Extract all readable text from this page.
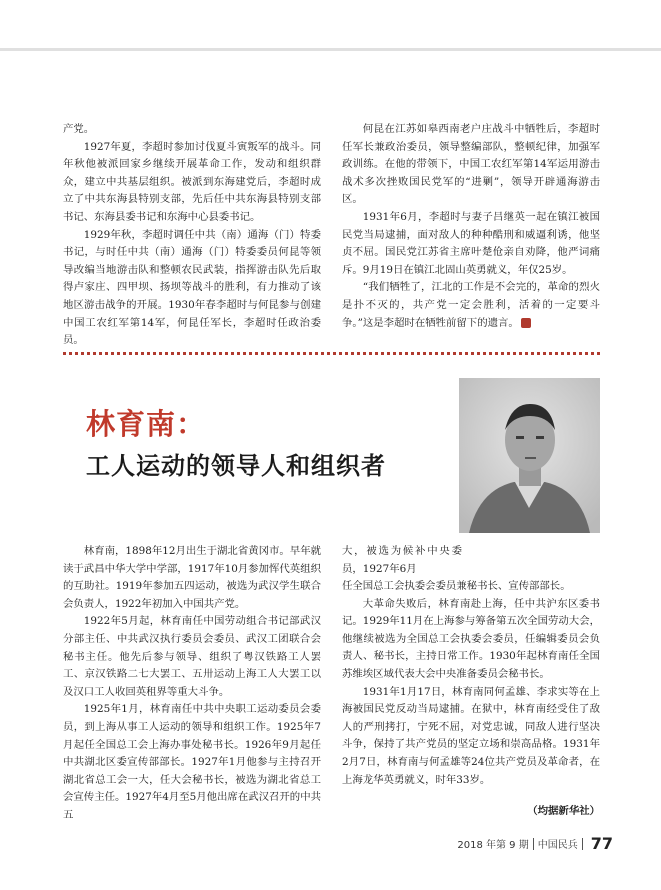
产党。

1927年夏，李超时参加讨伐夏斗寅叛军的战斗。同年秋他被派回家乡继续开展革命工作，发动和组织群众，建立中共基层组织。被派到东海建党后，李超时成立了中共东海县特别支部，先后任中共东海县特别支部书记、东海县委书记和东海中心县委书记。

1929年秋，李超时调任中共（南）通海（门）特委书记，与时任中共（南）通海（门）特委委员何昆等领导改编当地游击队和整顿农民武装，指挥游击队先后取得卢家庄、四甲坝、扬坝等战斗的胜利，有力推动了该地区游击战争的开展。1930年春李超时与何昆参与创建中国工农红军第14军，何昆任军长，李超时任政治委员。

何昆在江苏如皋西南老户庄战斗中牺牲后，李超时任军长兼政治委员，领导整编部队，整顿纪律，加强军政训练。在他的带领下，中国工农红军第14军运用游击战术多次挫败国民党军的“进剿”，领导开辟通海游击区。

1931年6月，李超时与妻子吕继英一起在镇江被国民党当局逮捕，面对敌人的种种酷刑和威逼利诱，他坚贞不屈。国民党江苏省主席叶楚伧亲自劝降，他严词痛斥。9月19日在镇江北固山英勇就义，年仅25岁。

“我们牺牲了，江北的工作是不会完的，革命的烈火是扑不灭的，共产党一定会胜利，活着的一定要斗争。”这是李超时在牺牲前留下的遗言。	◆

林育南：
工人运动的领导人和组织者

林育南，1898年12月出生于湖北省黄冈市。早年就读于武昌中华大学中学部，1917年10月参加恽代英组织的互助社。1919年参加五四运动，被选为武汉学生联合会负责人，1922年初加入中国共产党。

1922年5月起，林育南任中国劳动组合书记部武汉分部主任、中共武汉执行委员会委员、武汉工团联合会秘书主任。他先后参与领导、组织了粤汉铁路工人罢工、京汉铁路二七大罢工、五卅运动上海工人大罢工以及汉口工人收回英租界等重大斗争。

1925年1月，林育南任中共中央职工运动委员会委员，到上海从事工人运动的领导和组织工作。1925年7月起任全国总工会上海办事处秘书长。1926年9月起任中共湖北区委宣传部部长。1927年1月他参与主持召开湖北省总工会一大，任大会秘书长，被选为湖北省总工会宣传主任。1927年4月至5月他出席在武汉召开的中共五

大，被选为候补中央委员，1927年6月

任全国总工会执委会委员兼秘书长、宣传部部长。

大革命失败后，林育南赴上海，任中共沪东区委书记。1929年11月在上海参与筹备第五次全国劳动大会，他继续被选为全国总工会执委会委员，任编辑委员会负责人、秘书长，主持日常工作。1930年起林育南任全国苏维埃区域代表大会中央准备委员会秘书长。

1931年1月17日，林育南同何孟雄、李求实等在上海被国民党反动当局逮捕。在狱中，林育南经受住了敌人的严刑拷打，宁死不屈，对党忠诚，同敌人进行坚决斗争，保持了共产党员的坚定立场和崇高品格。1931年2月7日，林育南与何孟雄等24位共产党员及革命者，在上海龙华英勇就义，时年33岁。

（均据新华社）
2018 年第 9 期 中国民兵 77
